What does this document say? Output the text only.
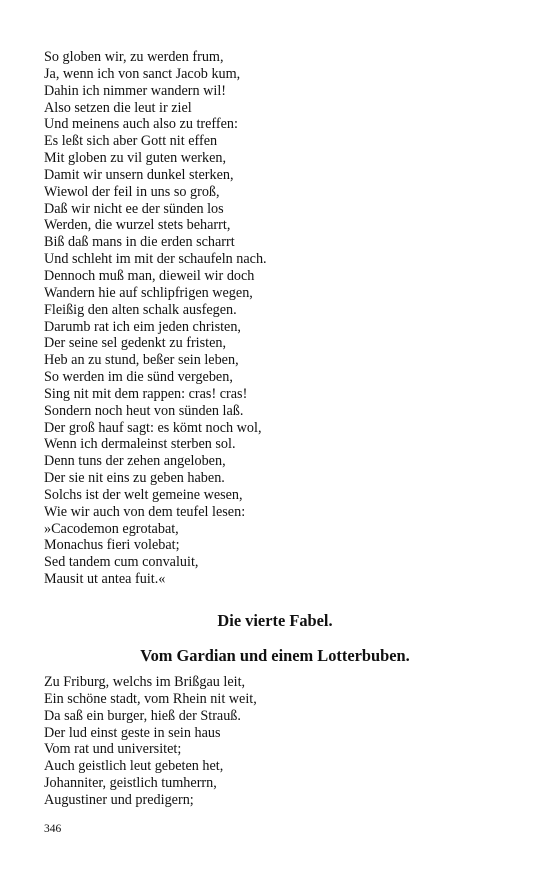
So globen wir, zu werden frum,
Ja, wenn ich von sanct Jacob kum,
Dahin ich nimmer wandern wil!
Also setzen die leut ir ziel
Und meinens auch also zu treffen:
Es leßt sich aber Gott nit effen
Mit globen zu vil guten werken,
Damit wir unsern dunkel sterken,
Wiewol der feil in uns so groß,
Daß wir nicht ee der sünden los
Werden, die wurzel stets beharrt,
Biß daß mans in die erden scharrt
Und schleht im mit der schaufeln nach.
Dennoch muß man, dieweil wir doch
Wandern hie auf schlipfrigen wegen,
Fleißig den alten schalk ausfegen.
Darumb rat ich eim jeden christen,
Der seine sel gedenkt zu fristen,
Heb an zu stund, beßer sein leben,
So werden im die sünd vergeben,
Sing nit mit dem rappen: cras! cras!
Sondern noch heut von sünden laß.
Der groß hauf sagt: es kömt noch wol,
Wenn ich dermaleinst sterben sol.
Denn tuns der zehen angeloben,
Der sie nit eins zu geben haben.
Solchs ist der welt gemeine wesen,
Wie wir auch von dem teufel lesen:
»Cacodemon egrotabat,
Monachus fieri volebat;
Sed tandem cum convaluit,
Mausit ut antea fuit.«
Die vierte Fabel.
Vom Gardian und einem Lotterbuben.
Zu Friburg, welchs im Brißgau leit,
Ein schöne stadt, vom Rhein nit weit,
Da saß ein burger, hieß der Strauß.
Der lud einst geste in sein haus
Vom rat und universitet;
Auch geistlich leut gebeten het,
Johanniter, geistlich tumherrn,
Augustiner und predigern;
346
